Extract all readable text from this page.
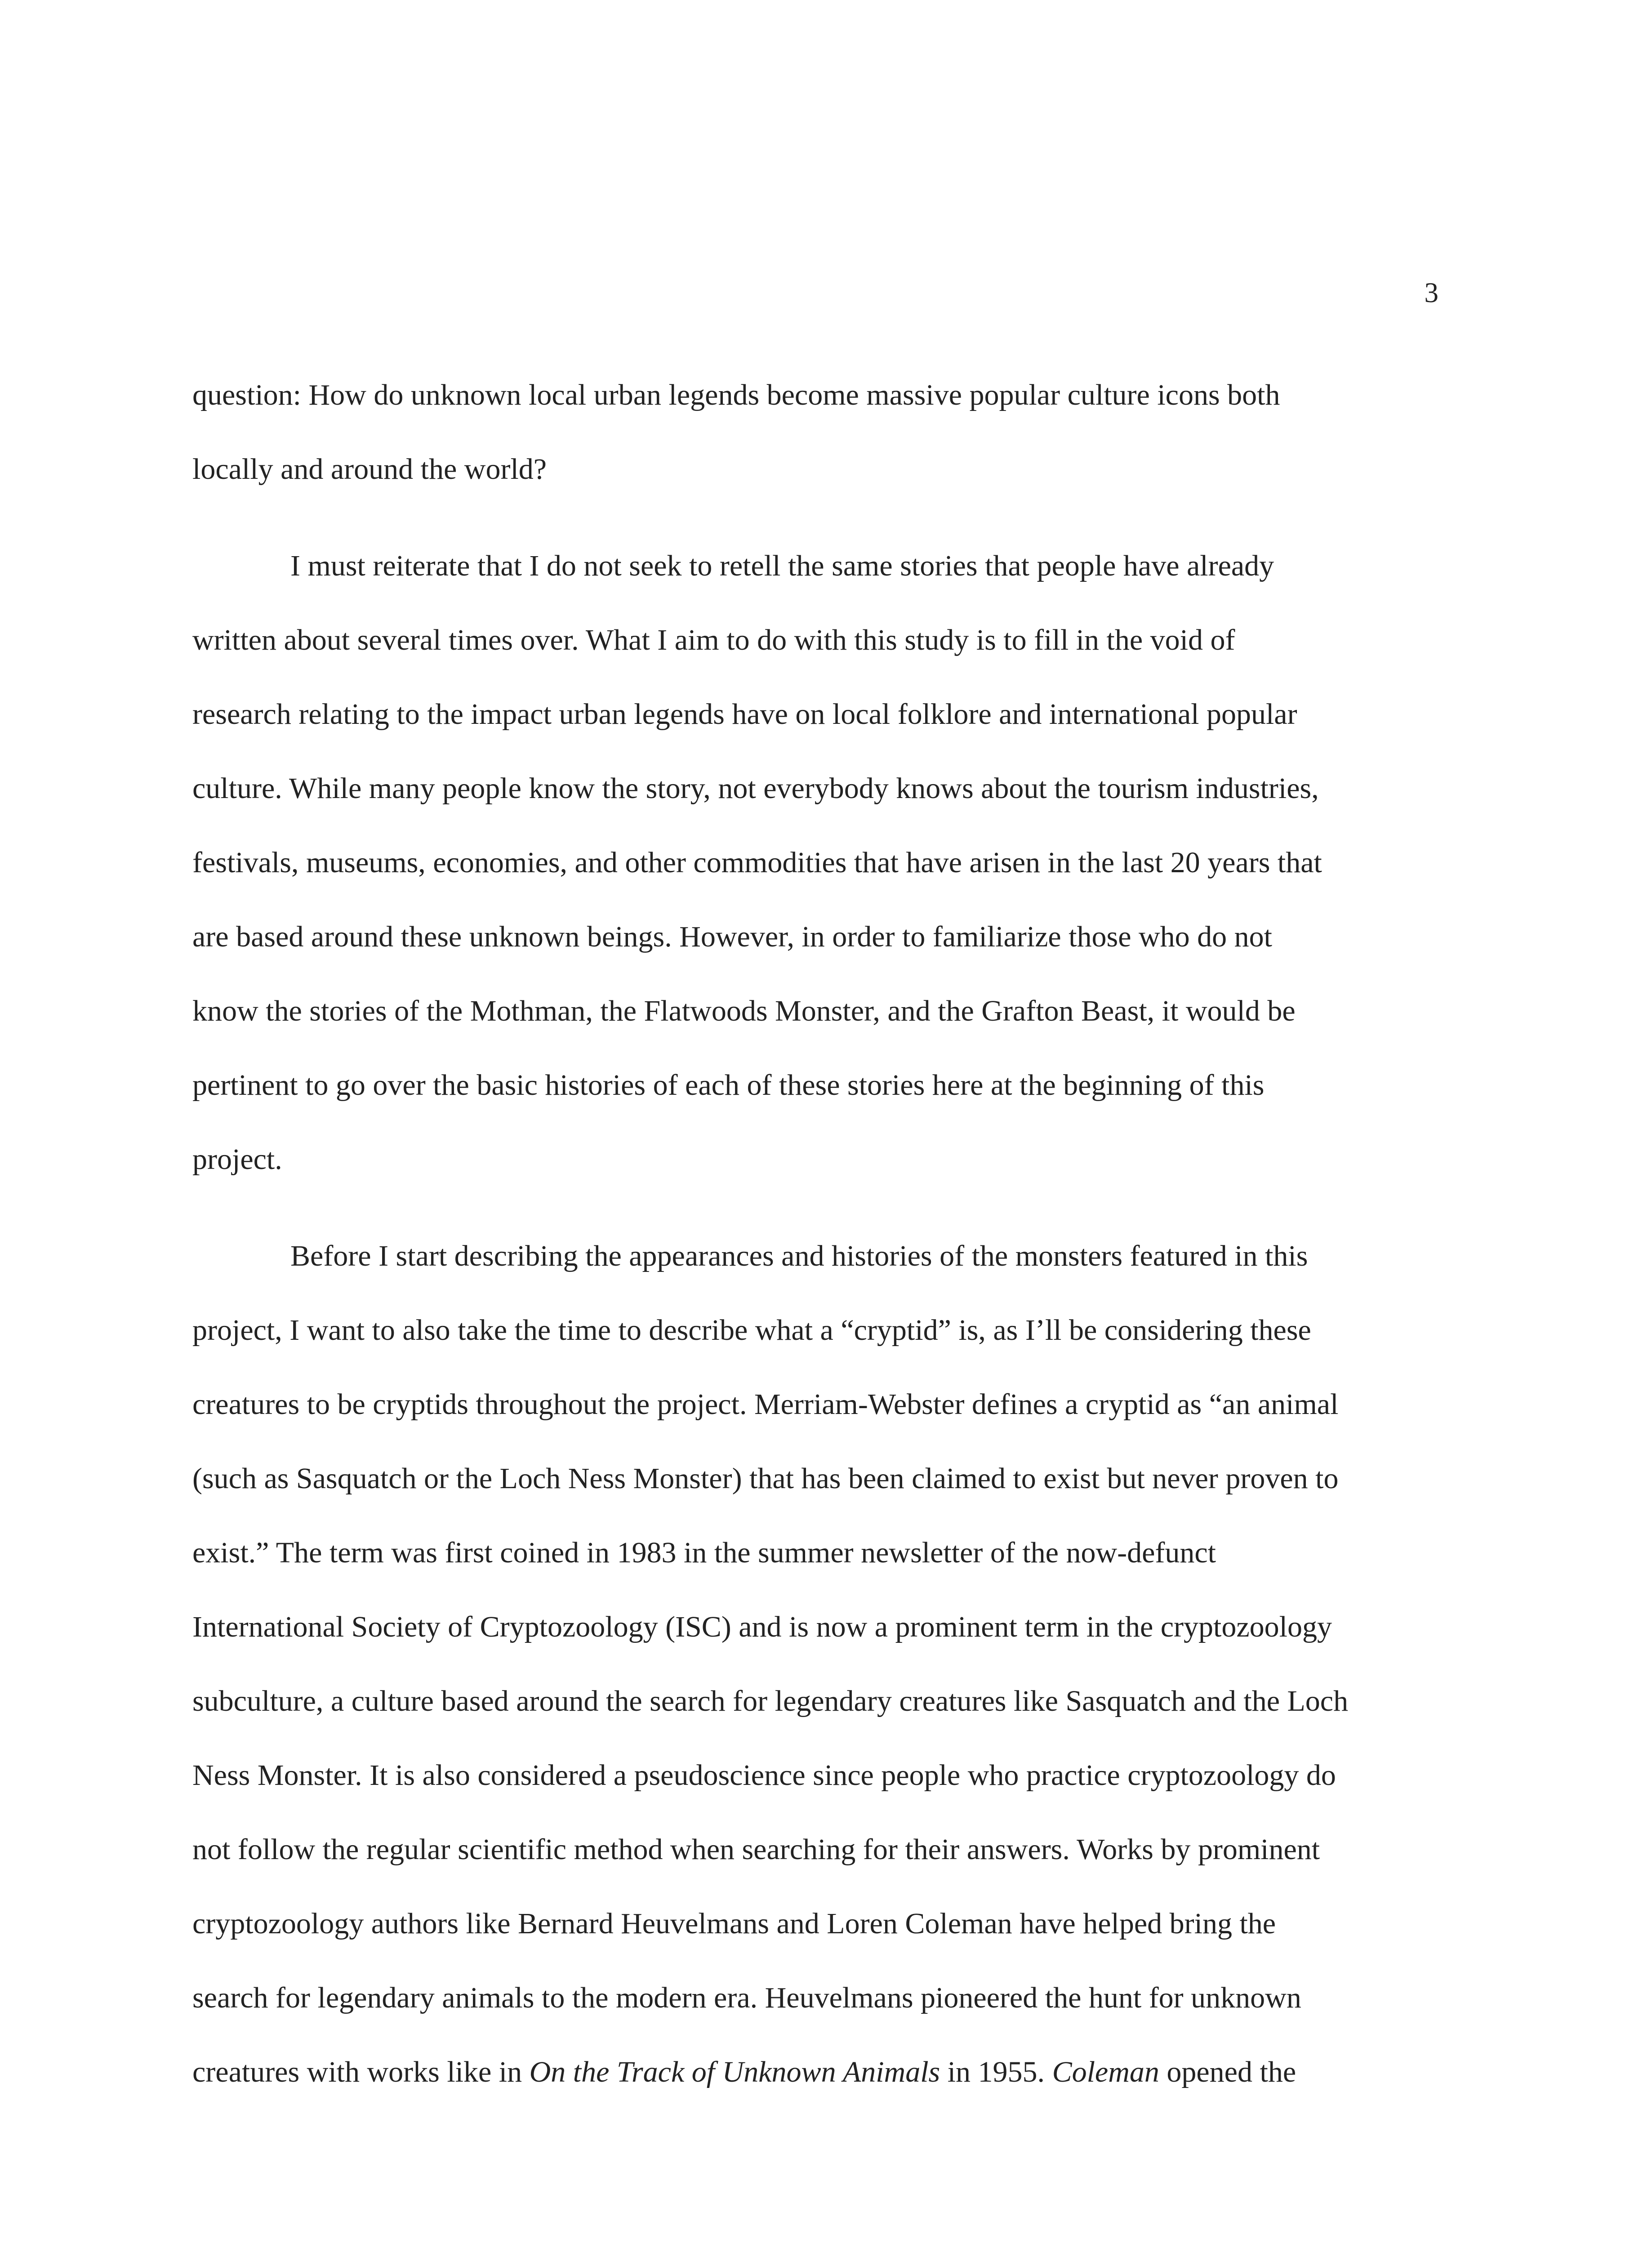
3

question: How do unknown local urban legends become massive popular culture icons both
locally and around the world?

I must reiterate that I do not seek to retell the same stories that people have already
written about several times over. What I aim to do with this study is to fill in the void of
research relating to the impact urban legends have on local folklore and international popular
culture. While many people know the story, not everybody knows about the tourism industries,
festivals, museums, economies, and other commodities that have arisen in the last 20 years that
are based around these unknown beings. However, in order to familiarize those who do not
know the stories of the Mothman, the Flatwoods Monster, and the Grafton Beast, it would be
pertinent to go over the basic histories of each of these stories here at the beginning of this
project.

Before I start describing the appearances and histories of the monsters featured in this
project, I want to also take the time to describe what a “cryptid” is, as I’ll be considering these
creatures to be cryptids throughout the project. Merriam-Webster defines a cryptid as “an animal
(such as Sasquatch or the Loch Ness Monster) that has been claimed to exist but never proven to
exist.” The term was first coined in 1983 in the summer newsletter of the now-defunct
International Society of Cryptozoology (ISC) and is now a prominent term in the cryptozoology
subculture, a culture based around the search for legendary creatures like Sasquatch and the Loch
Ness Monster. It is also considered a pseudoscience since people who practice cryptozoology do
not follow the regular scientific method when searching for their answers. Works by prominent
cryptozoology authors like Bernard Heuvelmans and Loren Coleman have helped bring the
search for legendary animals to the modern era. Heuvelmans pioneered the hunt for unknown
creatures with works like in On the Track of Unknown Animals in 1955. Coleman opened the
